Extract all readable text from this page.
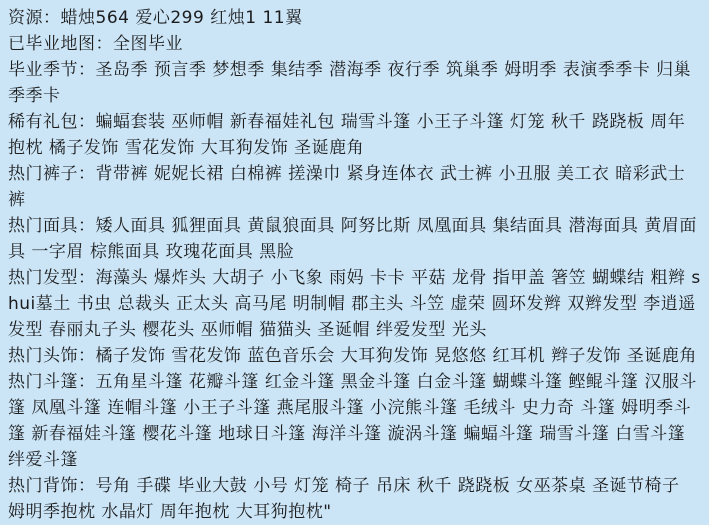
资源：蜡烛564 爱心299 红烛1 11翼

已毕业地图：全图毕业

毕业季节：圣岛季 预言季 梦想季 集结季 潜海季 夜行季 筑巢季 姆明季 表演季季卡 归巢季季卡

稀有礼包：蝙蝠套装 巫师帽 新春福娃礼包 瑞雪斗篷 小王子斗篷 灯笼 秋千 跷跷板 周年抱枕 橘子发饰 雪花发饰 大耳狗发饰 圣诞鹿角

热门裤子：背带裤 妮妮长裙 白棉裤 搓澡巾 紧身连体衣 武士裤 小丑服 美工衣 暗彩武士裤

热门面具：矮人面具 狐狸面具 黄鼠狼面具 阿努比斯 凤凰面具 集结面具 潜海面具 黄眉面具 一字眉 棕熊面具 玫瑰花面具 黑脸

热门发型：海藻头 爆炸头 大胡子 小飞象 雨妈 卡卡 平菇 龙骨 指甲盖 箸笠 蝴蝶结 粗辫 shui墓土 书虫 总裁头 正太头 高马尾 明制帽 郡主头 斗笠 虚荣 圆环发辫 双辫发型 李逍遥发型 春丽丸子头 樱花头 巫师帽 猫猫头 圣诞帽 绊爱发型 光头

热门头饰：橘子发饰 雪花发饰 蓝色音乐会 大耳狗发饰 晃悠悠 红耳机 辫子发饰 圣诞鹿角

热门斗篷：五角星斗篷 花瓣斗篷 红金斗篷 黑金斗篷 白金斗篷 蝴蝶斗篷 鲣鲲斗篷 汉服斗篷 凤凰斗篷 连帽斗篷 小王子斗篷 燕尾服斗篷 小浣熊斗篷 毛绒斗 史力奇 斗篷 姆明季斗篷 新春福娃斗篷 樱花斗篷 地球日斗篷 海洋斗篷 漩涡斗篷 蝙蝠斗篷 瑞雪斗篷 白雪斗篷 绊爱斗篷

热门背饰：号角 手碟 毕业大鼓 小号 灯笼 椅子 吊床 秋千 跷跷板 女巫茶桌 圣诞节椅子 姆明季抱枕 水晶灯 周年抱枕 大耳狗抱枕"
